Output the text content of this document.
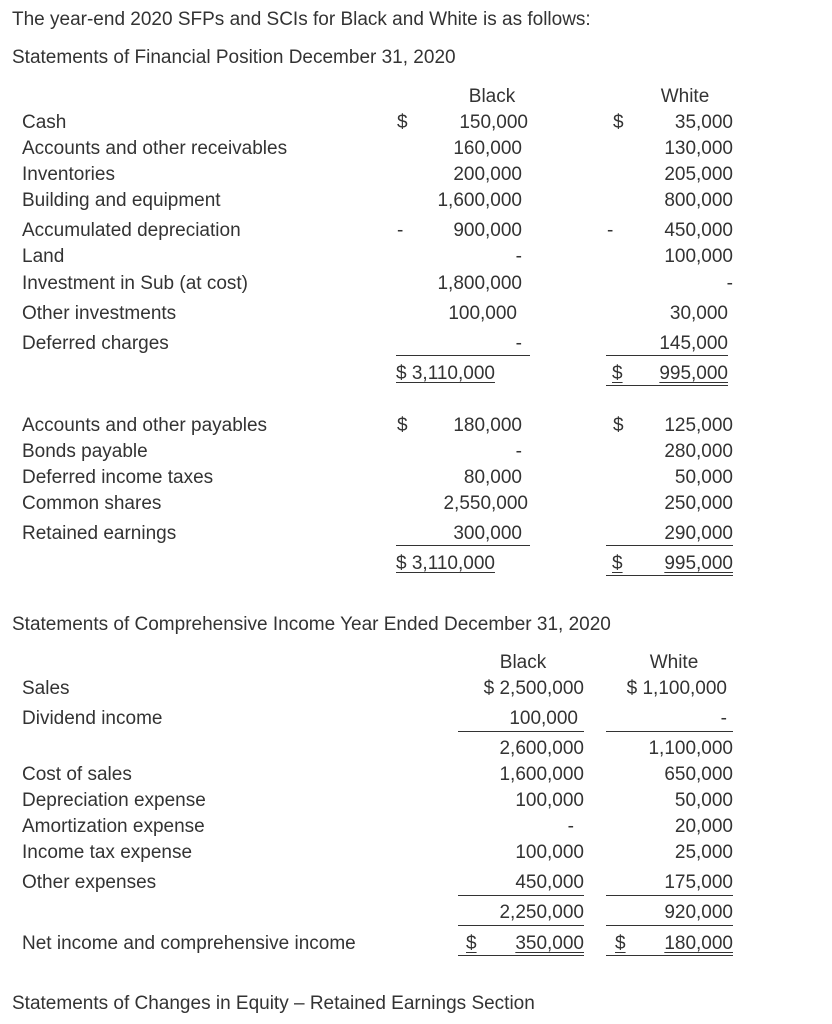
The year-end 2020 SFPs and SCIs for Black and White is as follows:
Statements of Financial Position December 31, 2020
Black	White
Cash	$	150,000	$	35,000
Accounts and other receivables	160,000	130,000
Inventories	200,000	205,000
Building and equipment	1,600,000	800,000
Accumulated depreciation	-	900,000	-	450,000
Land	-	100,000
Investment in Sub (at cost)	1,800,000	-
Other investments	100,000	30,000
Deferred charges	-	145,000
$ 3,110,000	$	995,000
Accounts and other payables	$	180,000	$	125,000
Bonds payable	-	280,000
Deferred income taxes	80,000	50,000
Common shares	2,550,000	250,000
Retained earnings	300,000	290,000
$ 3,110,000	$	995,000
Statements of Comprehensive Income Year Ended December 31, 2020
Black	White
Sales	$ 2,500,000	$ 1,100,000
Dividend income	100,000	-
2,600,000	1,100,000
Cost of sales	1,600,000	650,000
Depreciation expense	100,000	50,000
Amortization expense	-	20,000
Income tax expense	100,000	25,000
Other expenses	450,000	175,000
2,250,000	920,000
Net income and comprehensive income	$	350,000 $	180,000
Statements of Changes in Equity – Retained Earnings Section
